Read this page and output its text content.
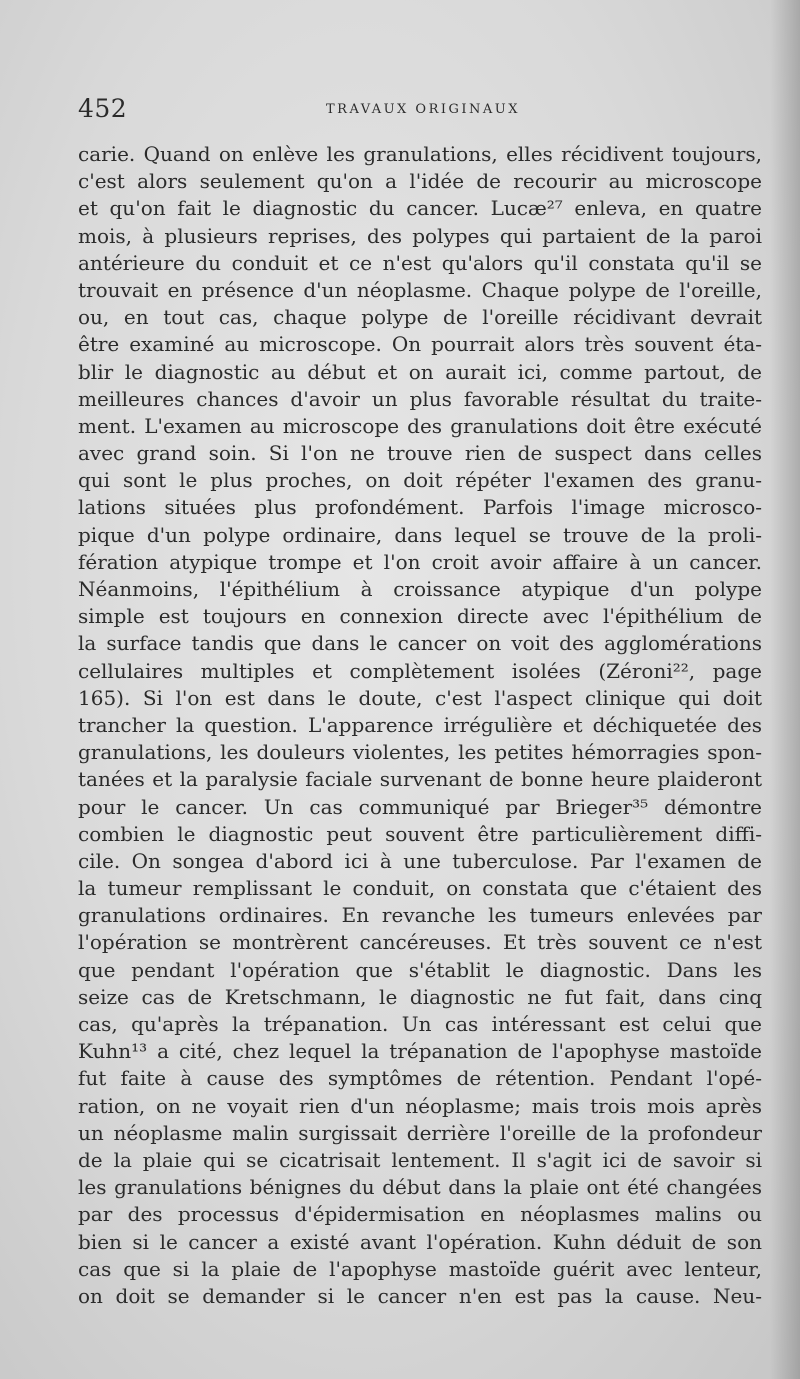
452	TRAVAUX ORIGINAUX
carie. Quand on enlève les granulations, elles récidivent toujours,
c'est alors seulement qu'on a l'idée de recourir au microscope
et qu'on fait le diagnostic du cancer. Lucæ²⁷ enleva, en quatre
mois, à plusieurs reprises, des polypes qui partaient de la paroi
antérieure du conduit et ce n'est qu'alors qu'il constata qu'il se
trouvait en présence d'un néoplasme. Chaque polype de l'oreille,
ou, en tout cas, chaque polype de l'oreille récidivant devrait
être examiné au microscope. On pourrait alors très souvent éta-
blir le diagnostic au début et on aurait ici, comme partout, de
meilleures chances d'avoir un plus favorable résultat du traite-
ment. L'examen au microscope des granulations doit être exécuté
avec grand soin. Si l'on ne trouve rien de suspect dans celles
qui sont le plus proches, on doit répéter l'examen des granu-
lations situées plus profondément. Parfois l'image microsco-
pique d'un polype ordinaire, dans lequel se trouve de la proli-
fération atypique trompe et l'on croit avoir affaire à un cancer.
Néanmoins, l'épithélium à croissance atypique d'un polype
simple est toujours en connexion directe avec l'épithélium de
la surface tandis que dans le cancer on voit des agglomérations
cellulaires multiples et complètement isolées (Zéroni²², page
165). Si l'on est dans le doute, c'est l'aspect clinique qui doit
trancher la question. L'apparence irrégulière et déchiquetée des
granulations, les douleurs violentes, les petites hémorragies spon-
tanées et la paralysie faciale survenant de bonne heure plaideront
pour le cancer. Un cas communiqué par Brieger³⁵ démontre
combien le diagnostic peut souvent être particulièrement diffi-
cile. On songea d'abord ici à une tuberculose. Par l'examen de
la tumeur remplissant le conduit, on constata que c'étaient des
granulations ordinaires. En revanche les tumeurs enlevées par
l'opération se montrèrent cancéreuses. Et très souvent ce n'est
que pendant l'opération que s'établit le diagnostic. Dans les
seize cas de Kretschmann, le diagnostic ne fut fait, dans cinq
cas, qu'après la trépanation. Un cas intéressant est celui que
Kuhn¹³ a cité, chez lequel la trépanation de l'apophyse mastoïde
fut faite à cause des symptômes de rétention. Pendant l'opé-
ration, on ne voyait rien d'un néoplasme; mais trois mois après
un néoplasme malin surgissait derrière l'oreille de la profondeur
de la plaie qui se cicatrisait lentement. Il s'agit ici de savoir si
les granulations bénignes du début dans la plaie ont été changées
par des processus d'épidermisation en néoplasmes malins ou
bien si le cancer a existé avant l'opération. Kuhn déduit de son
cas que si la plaie de l'apophyse mastoïde guérit avec lenteur,
on doit se demander si le cancer n'en est pas la cause. Neu-
